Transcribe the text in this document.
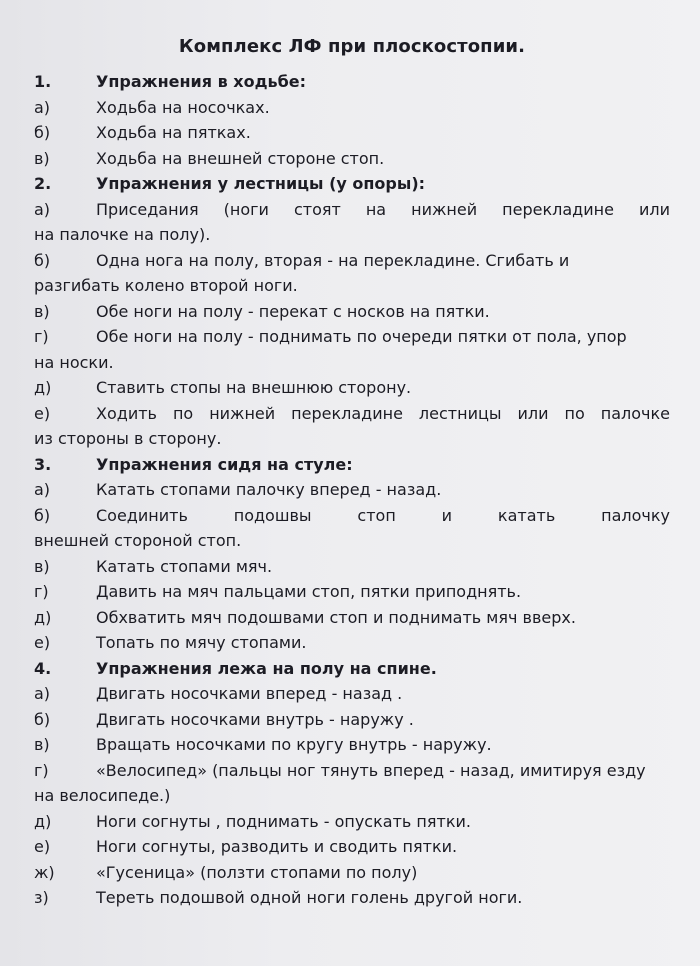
Комплекс ЛФ при плоскостопии.
1.	Упражнения в ходьбе:
а)	Ходьба на носочках.
б)	Ходьба на пятках.
в)	Ходьба на внешней стороне стоп.
2.	Упражнения у лестницы (у опоры):
а)	Приседания (ноги стоят на нижней перекладине или
на палочке на полу).
б)	Одна нога на полу, вторая - на перекладине. Сгибать и
разгибать колено второй ноги.
в)	Обе ноги на полу - перекат с носков на пятки.
г)	Обе ноги на полу - поднимать по очереди пятки от пола, упор
на носки.
д)	Ставить стопы на внешнюю сторону.
е)	Ходить по нижней перекладине лестницы или по палочке
из стороны в сторону.
3.	Упражнения сидя на стуле:
а)	Катать стопами палочку вперед - назад.
б)	Соединить подошвы стоп и катать палочку
внешней стороной стоп.
в)	Катать стопами мяч.
г)	Давить на мяч пальцами стоп, пятки приподнять.
д)	Обхватить мяч подошвами стоп и поднимать мяч вверх.
е)	Топать по мячу стопами.
4.	Упражнения лежа на полу на спине.
а)	Двигать носочками вперед - назад .
б)	Двигать носочками внутрь - наружу .
в)	Вращать носочками по кругу внутрь - наружу.
г)	«Велосипед» (пальцы ног тянуть вперед - назад, имитируя езду
на велосипеде.)
д)	Ноги согнуты , поднимать - опускать пятки.
е)	Ноги согнуты, разводить и сводить пятки.
ж)	«Гусеница» (ползти стопами по полу)
з)	Тереть подошвой одной ноги голень другой ноги.
